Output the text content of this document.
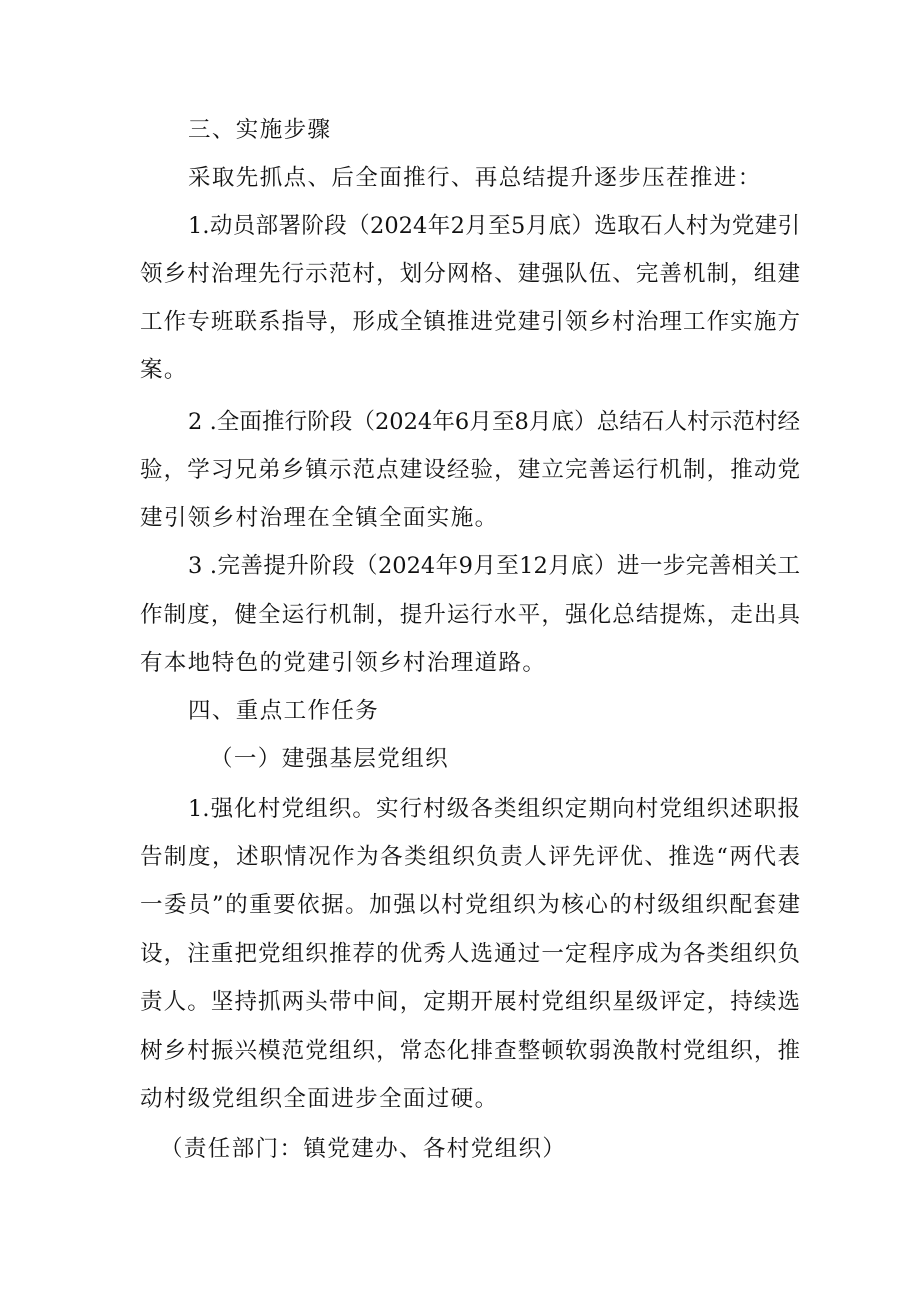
三、实施步骤
采取先抓点、后全面推行、再总结提升逐步压茬推进：
1.动员部署阶段（2024年2月至5月底）选取石人村为党建引
领乡村治理先行示范村，划分网格、建强队伍、完善机制，组建
工作专班联系指导，形成全镇推进党建引领乡村治理工作实施方
案。
2 .全面推行阶段（2024年6月至8月底）总结石人村示范村经
验，学习兄弟乡镇示范点建设经验，建立完善运行机制，推动党
建引领乡村治理在全镇全面实施。
3 .完善提升阶段（2024年9月至12月底）进一步完善相关工
作制度，健全运行机制，提升运行水平，强化总结提炼，走出具
有本地特色的党建引领乡村治理道路。
四、重点工作任务
（一）建强基层党组织
1.强化村党组织。实行村级各类组织定期向村党组织述职报
告制度，述职情况作为各类组织负责人评先评优、推选“两代表
一委员”的重要依据。加强以村党组织为核心的村级组织配套建
设，注重把党组织推荐的优秀人选通过一定程序成为各类组织负
责人。坚持抓两头带中间，定期开展村党组织星级评定，持续选
树乡村振兴模范党组织，常态化排查整顿软弱涣散村党组织，推
动村级党组织全面进步全面过硬。
（责任部门：镇党建办、各村党组织）
